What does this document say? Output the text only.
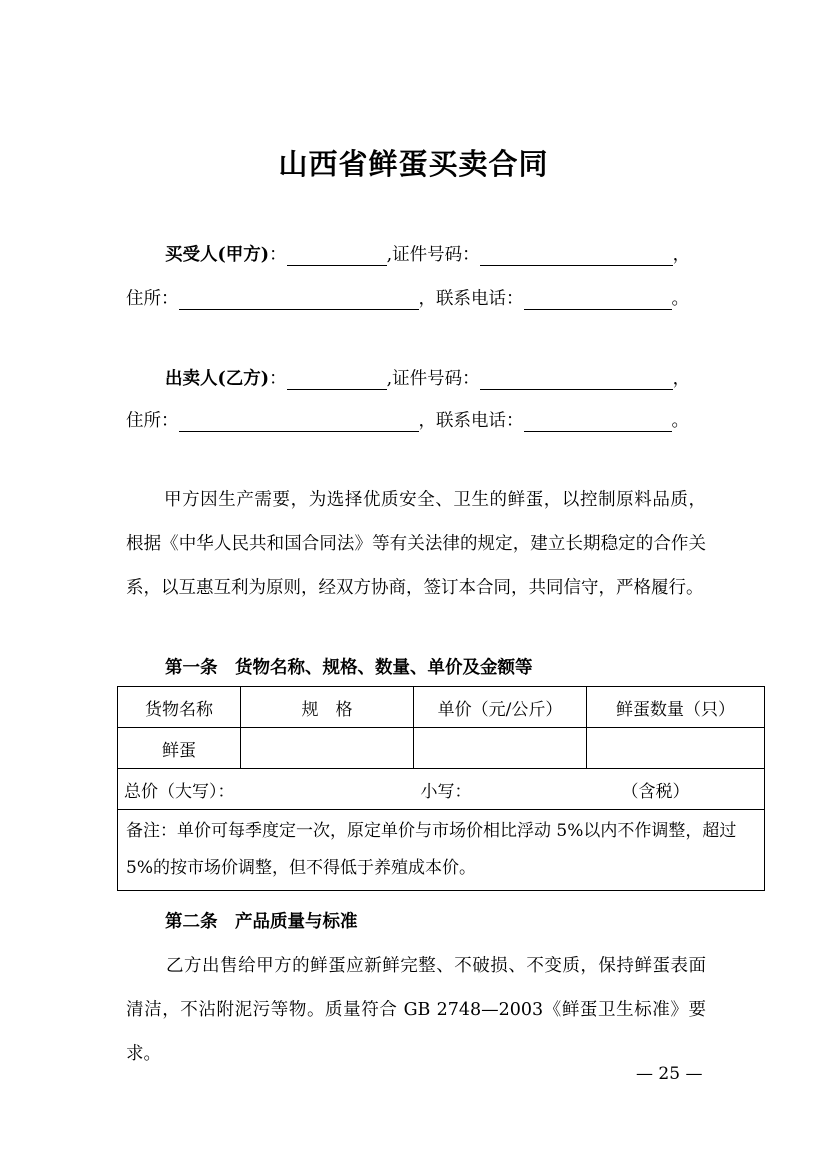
山西省鲜蛋买卖合同
买受人(甲方)：	,证件号码：	，
住所：	，联系电话：	。
出卖人(乙方)：	,证件号码：	，
住所：	，联系电话：	。
甲方因生产需要，为选择优质安全、卫生的鲜蛋，以控制原料品质，根据《中华人民共和国合同法》等有关法律的规定，建立长期稳定的合作关系，以互惠互利为原则，经双方协商，签订本合同，共同信守，严格履行。
第一条　货物名称、规格、数量、单价及金额等
货物名称	规　格	单价（元/公斤）	鲜蛋数量（只）
鲜蛋			
总价（大写）： 小写： （含税）			
备注：单价可每季度定一次，原定单价与市场价相比浮动 5%以内不作调整，超过 5%的按市场价调整，但不得低于养殖成本价。			
第二条　产品质量与标准
乙方出售给甲方的鲜蛋应新鲜完整、不破损、不变质，保持鲜蛋表面清洁，不沾附泥污等物。质量符合 GB 2748—2003《鲜蛋卫生标准》要求。
— 25 —
